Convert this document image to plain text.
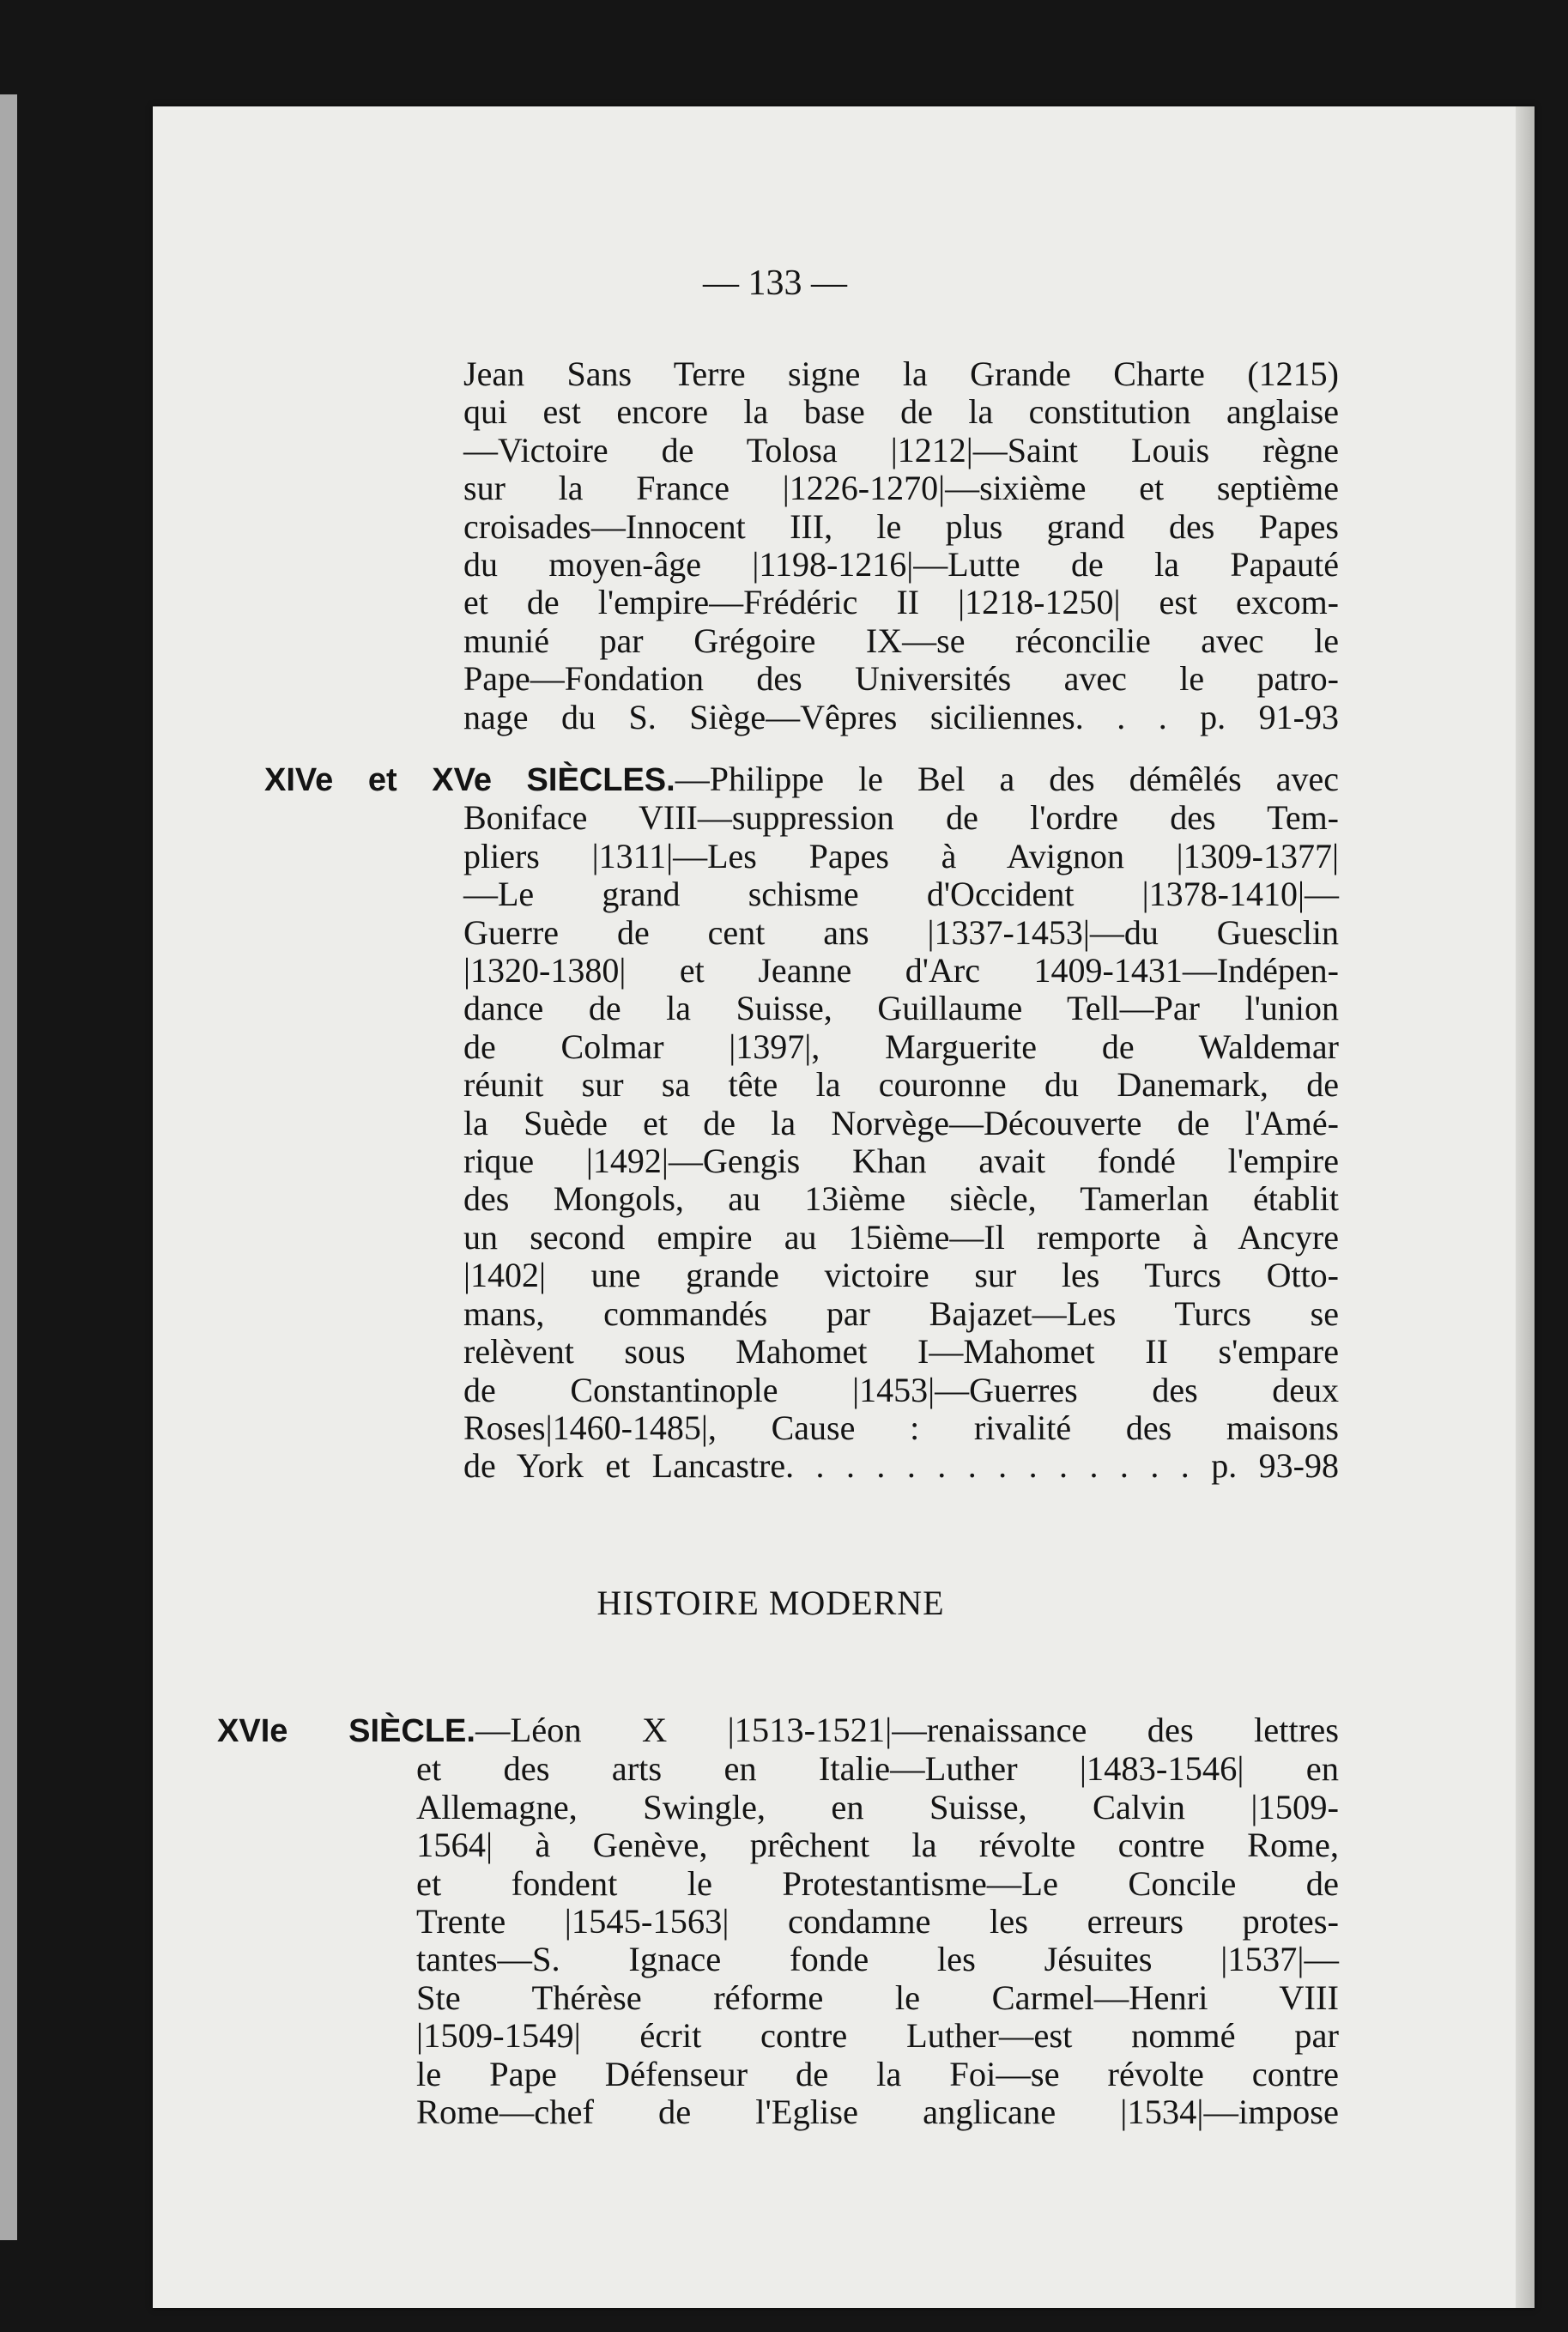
— 133 —
Jean Sans Terre signe la Grande Charte (1215)
qui est encore la base de la constitution anglaise
—Victoire de Tolosa |1212|—Saint Louis règne
sur la France |1226-1270|—sixième et septième
croisades—Innocent III, le plus grand des Papes
du moyen-âge |1198-1216|—Lutte de la Papauté
et de l'empire—Frédéric II |1218-1250| est excom-
munié par Grégoire IX—se réconcilie avec le
Pape—Fondation des Universités avec le patro-
nage du S. Siège—Vêpres siciliennes. . . p. 91-93
XIVe et XVe SIÈCLES.—Philippe le Bel a des démêlés avec
Boniface VIII—suppression de l'ordre des Tem-
pliers |1311|—Les Papes à Avignon |1309-1377|
—Le grand schisme d'Occident |1378-1410|—
Guerre de cent ans |1337-1453|—du Guesclin
|1320-1380| et Jeanne d'Arc 1409-1431—Indépen-
dance de la Suisse, Guillaume Tell—Par l'union
de Colmar |1397|, Marguerite de Waldemar
réunit sur sa tête la couronne du Danemark, de
la Suède et de la Norvège—Découverte de l'Amé-
rique |1492|—Gengis Khan avait fondé l'empire
des Mongols, au 13ième siècle, Tamerlan établit
un second empire au 15ième—Il remporte à Ancyre
|1402| une grande victoire sur les Turcs Otto-
mans, commandés par Bajazet—Les Turcs se
relèvent sous Mahomet I—Mahomet II s'empare
de Constantinople |1453|—Guerres des deux
Roses|1460-1485|, Cause : rivalité des maisons
de York et Lancastre. . . . . . . . . . . . . . p. 93-98
HISTOIRE MODERNE
XVIe SIÈCLE.—Léon X |1513-1521|—renaissance des lettres
et des arts en Italie—Luther |1483-1546| en
Allemagne, Swingle, en Suisse, Calvin |1509-
1564| à Genève, prêchent la révolte contre Rome,
et fondent le Protestantisme—Le Concile de
Trente |1545-1563| condamne les erreurs protes-
tantes—S. Ignace fonde les Jésuites |1537|—
Ste Thérèse réforme le Carmel—Henri VIII
|1509-1549| écrit contre Luther—est nommé par
le Pape Défenseur de la Foi—se révolte contre
Rome—chef de l'Eglise anglicane |1534|—impose
